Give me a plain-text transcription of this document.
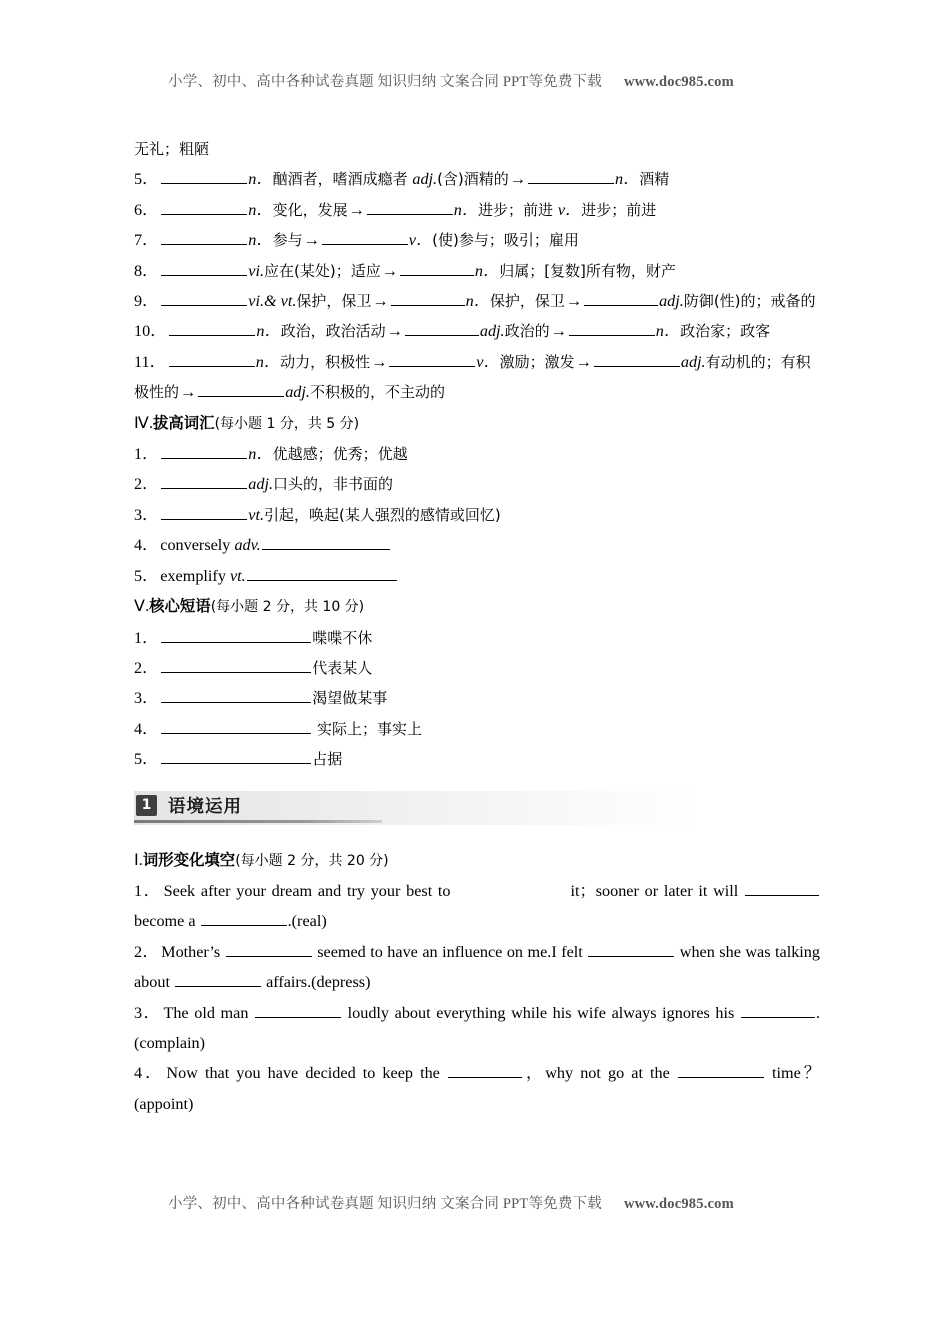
小学、初中、高中各种试卷真题 知识归纳 文案合同 PPT等免费下载 www.doc985.com

无礼；粗陋

5．	n．酗酒者，嗜酒成瘾者 adj.(含)酒精的→	n．酒精

6．	n．变化，发展→	n．进步；前进 v．进步；前进

7．	n．参与→	v．(使)参与；吸引；雇用

8．	vi.应在(某处)；适应→	n．归属；[复数]所有物，财产

9．	vi.& vt.保护，保卫→	n．保护，保卫→	adj.防御(性)的；戒备的

10．	n．政治，政治活动→	adj.政治的→	n．政治家；政客

11．	n．动力，积极性→	v．激励；激发→	adj.有动机的；有积极性的→	adj.不积极的，不主动的

Ⅳ.拔高词汇(每小题 1 分，共 5 分)

1．	n．优越感；优秀；优越

2．	adj.口头的，非书面的

3．	vt.引起，唤起(某人强烈的感情或回忆)

4． conversely adv.

5． exemplify vt.

Ⅴ.核心短语(每小题 2 分，共 10 分)

1．	喋喋不休

2．	代表某人

3．	渴望做某事

4．	实际上；事实上

5．	占据

1 语境运用

Ⅰ.词形变化填空(每小题 2 分，共 20 分)

1． Seek after your dream and try your best to	it；sooner or later it will  become a	.(real)

2． Mother’s	seemed to have an influence on me.I felt	when she was talking about	affairs.(depress)

3． The old man	loudly about everything while his wife always ignores his	.(complain)

4． Now that you have decided to keep the	，why not go at the	time？(appoint)

小学、初中、高中各种试卷真题 知识归纳 文案合同 PPT等免费下载 www.doc985.com
